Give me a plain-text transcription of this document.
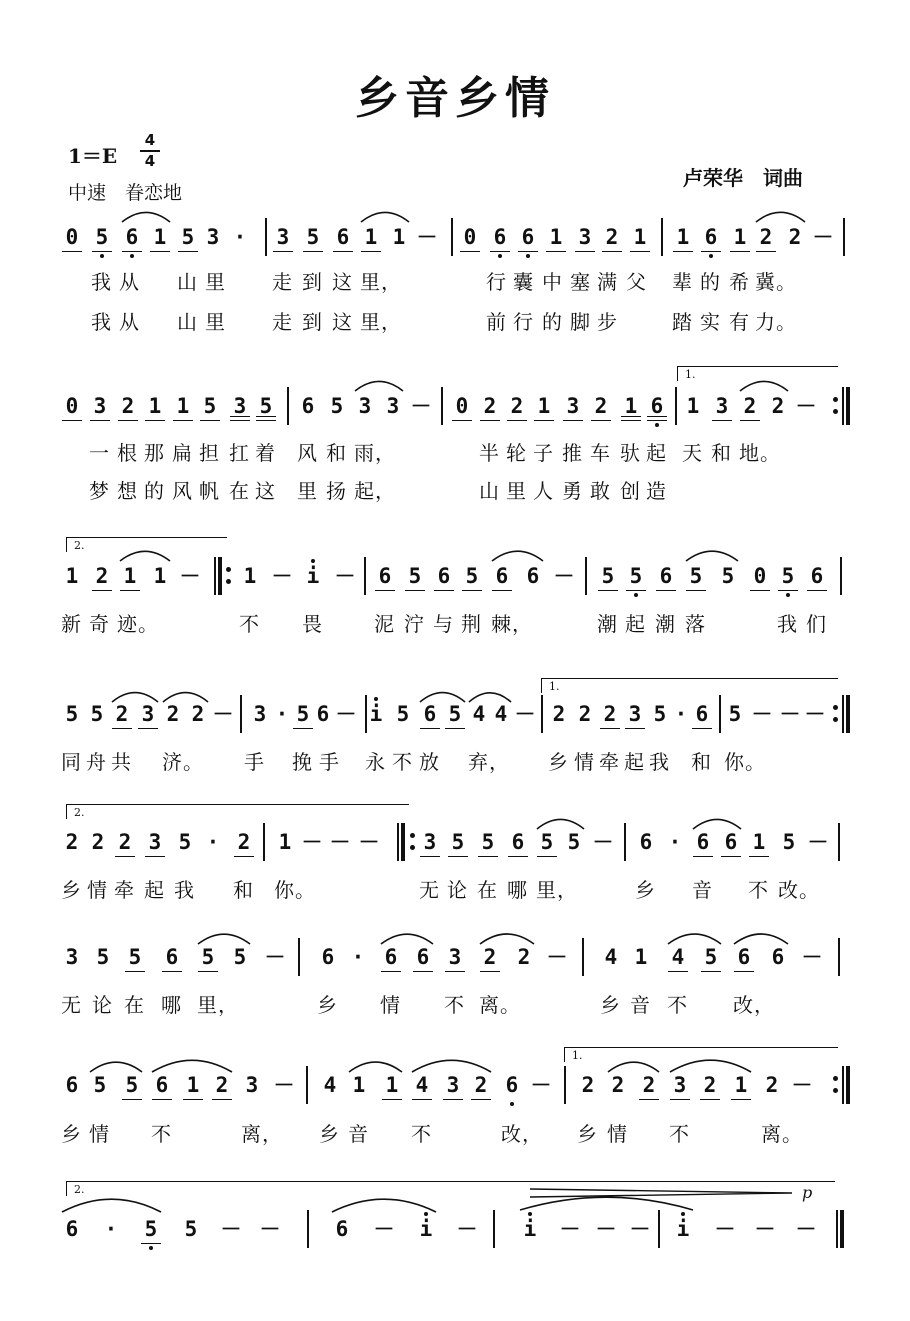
乡音乡情
1＝E
4
4
中速　眷恋地
卢荣华　词曲
0 5 6 1 5 3 · 3 5 6 1 1 － 0 6 6 1 3 2 1 1 6 1 2 2 －
我 从 山 里 走 到 这 里，	行 囊 中 塞 满 父 辈 的 希 冀。
我 从 山 里 走 到 这 里，	前 行 的 脚 步	踏 实 有 力。
0 3 2 1 1 5 3 5 6 5 3 3 － 0 2 2 1 3 2 1 6 1 3 2 2 －
一 根 那 扁 担 扛 着 风 和 雨，	半 轮 子 推 车 驮 起 天 和 地。
梦 想 的 风 帆 在 这 里 扬 起，	山 里 人 勇 敢 创 造
1.
1 2 1 1 － 1 － i － 6 5 6 5 6 6 － 5 5 6 5 5 0 5 6
新 奇 迹。	不 畏	泥 泞 与 荆 棘，	潮 起 潮 落	我 们
2.
5 5 2 3 2 2 － 3 · 5 6 － i 5 6 5 4 4 － 2 2 2 3 5 · 6 5 － － －
同 舟 共 济。 手 挽 手 永 不 放 弃， 乡 情 牵 起 我 和 你。
1.
2 2 2 3 5 · 2 1 － － － 3 5 5 6 5 5 － 6 · 6 6 1 5 －
乡 情 牵 起 我 和 你。	无 论 在 哪 里，	乡 音 不 改。
2.
3 5 5 6 5 5 － 6 · 6 6 3 2 2 － 4 1 4 5 6 6 －
无 论 在 哪 里，	乡 情 不 离。	乡 音 不 改，
6 5 5 6 1 2 3 － 4 1 1 4 3 2 6 － 2 2 2 3 2 1 2 －
乡 情 不	离， 乡 音 不	改， 乡 情 不	离。
1.
6 · 5 5 － －	6 － i － i － － － i － － －
2.	p
